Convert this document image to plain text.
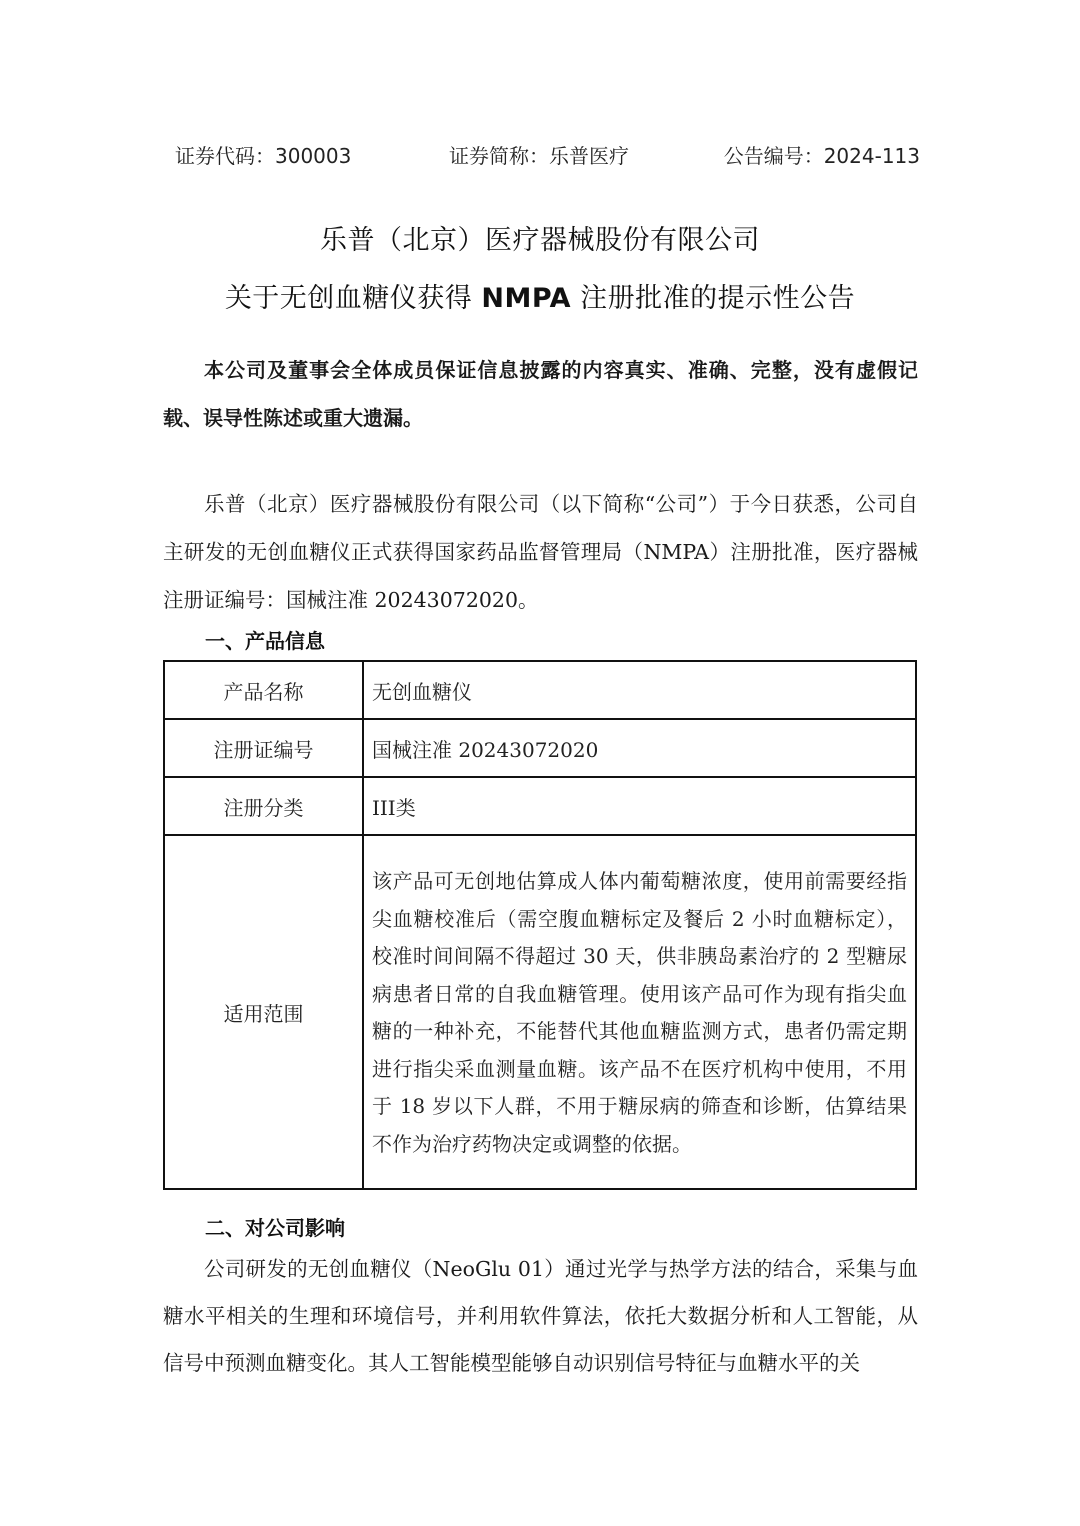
证券代码：300003	证券简称：乐普医疗	公告编号：2024-113
乐普（北京）医疗器械股份有限公司
关于无创血糖仪获得 NMPA 注册批准的提示性公告
本公司及董事会全体成员保证信息披露的内容真实、准确、完整，没有虚假记载、误导性陈述或重大遗漏。
乐普（北京）医疗器械股份有限公司（以下简称“公司”）于今日获悉，公司自主研发的无创血糖仪正式获得国家药品监督管理局（NMPA）注册批准，医疗器械注册证编号：国械注准 20243072020。
一、产品信息
产品名称	无创血糖仪
注册证编号	国械注准 20243072020
注册分类	III类
适用范围	该产品可无创地估算成人体内葡萄糖浓度，使用前需要经指尖血糖校准后（需空腹血糖标定及餐后 2 小时血糖标定），校准时间间隔不得超过 30 天，供非胰岛素治疗的 2 型糖尿病患者日常的自我血糖管理。使用该产品可作为现有指尖血糖的一种补充，不能替代其他血糖监测方式，患者仍需定期进行指尖采血测量血糖。该产品不在医疗机构中使用，不用于 18 岁以下人群，不用于糖尿病的筛查和诊断，估算结果不作为治疗药物决定或调整的依据。
二、对公司影响
公司研发的无创血糖仪（NeoGlu 01）通过光学与热学方法的结合，采集与血糖水平相关的生理和环境信号，并利用软件算法，依托大数据分析和人工智能，从信号中预测血糖变化。其人工智能模型能够自动识别信号特征与血糖水平的关
